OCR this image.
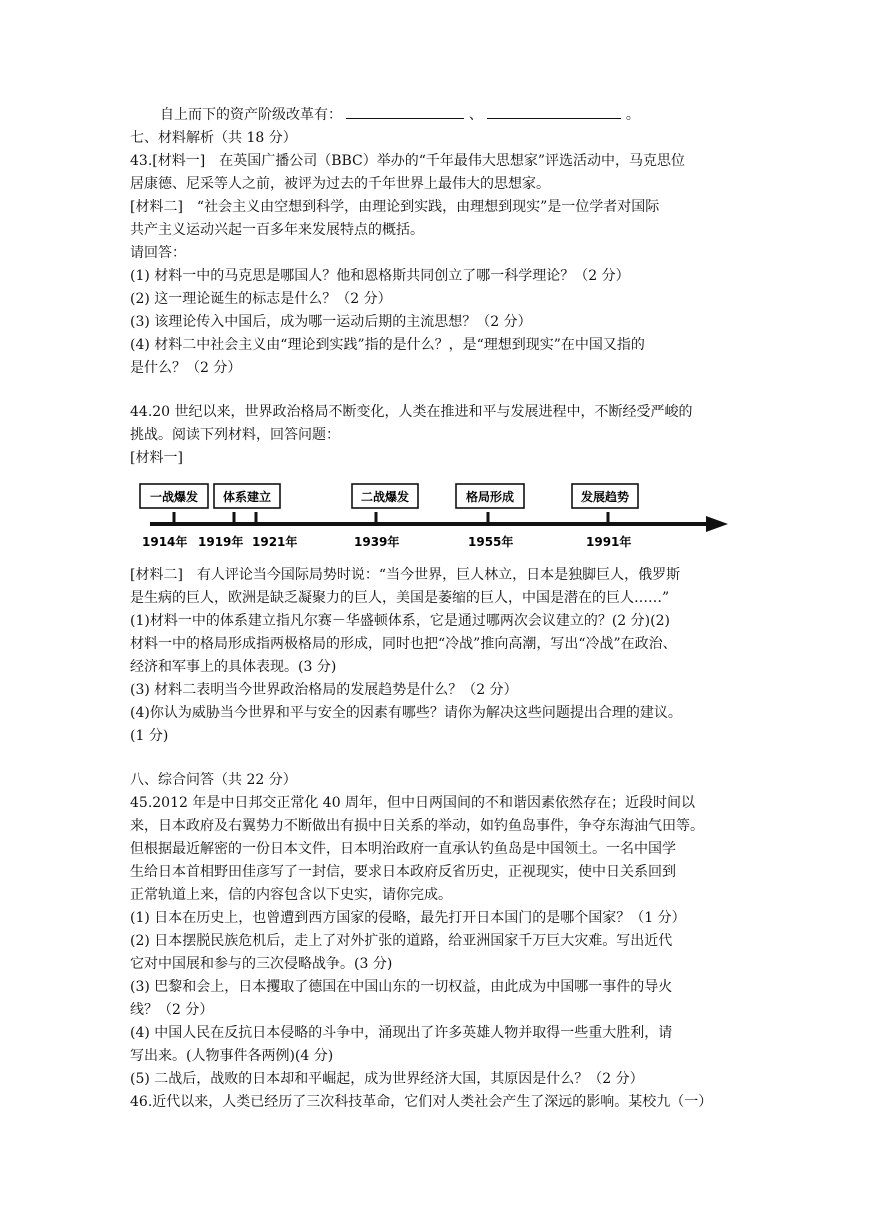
自上而下的资产阶级改革有：	、	。
七、材料解析（共 18 分）
43.[材料一]　在英国广播公司（BBC）举办的“千年最伟大思想家”评选活动中，马克思位
居康德、尼采等人之前，被评为过去的千年世界上最伟大的思想家。
[材料二]　“社会主义由空想到科学，由理论到实践，由理想到现实”是一位学者对国际
共产主义运动兴起一百多年来发展特点的概括。
请回答：
(1) 材料一中的马克思是哪国人？他和恩格斯共同创立了哪一科学理论？（2 分）
(2) 这一理论诞生的标志是什么？（2 分）
(3) 该理论传入中国后，成为哪一运动后期的主流思想？（2 分）
(4) 材料二中社会主义由“理论到实践”指的是什么？，是“理想到现实”在中国又指的
是什么？（2 分）
44.20 世纪以来，世界政治格局不断变化，人类在推进和平与发展进程中，不断经受严峻的
挑战。阅读下列材料，回答问题：
[材料一]
一战爆发 体系建立	二战爆发	格局形成	发展趋势
1914年 1919年 1921年	1939年	1955年	1991年
[材料二]　有人评论当今国际局势时说：“当今世界，巨人林立，日本是独脚巨人，俄罗斯
是生病的巨人，欧洲是缺乏凝聚力的巨人，美国是萎缩的巨人，中国是潜在的巨人……”
(1)材料一中的体系建立指凡尔赛－华盛顿体系，它是通过哪两次会议建立的？(2 分)(2)
材料一中的格局形成指两极格局的形成，同时也把“冷战”推向高潮，写出“冷战”在政治、
经济和军事上的具体表现。(3 分)
(3) 材料二表明当今世界政治格局的发展趋势是什么？（2 分）
(4)你认为威胁当今世界和平与安全的因素有哪些？请你为解决这些问题提出合理的建议。
(1 分)
八、综合问答（共 22 分）
45.2012 年是中日邦交正常化 40 周年，但中日两国间的不和谐因素依然存在；近段时间以
来，日本政府及右翼势力不断做出有损中日关系的举动，如钓鱼岛事件，争夺东海油气田等。
但根据最近解密的一份日本文件，日本明治政府一直承认钓鱼岛是中国领土。一名中国学
生给日本首相野田佳彦写了一封信，要求日本政府反省历史，正视现实，使中日关系回到
正常轨道上来，信的内容包含以下史实，请你完成。
(1) 日本在历史上，也曾遭到西方国家的侵略，最先打开日本国门的是哪个国家？（1 分）
(2) 日本摆脱民族危机后，走上了对外扩张的道路，给亚洲国家千万巨大灾难。写出近代
它对中国展和参与的三次侵略战争。(3 分)
(3) 巴黎和会上，日本攫取了德国在中国山东的一切权益，由此成为中国哪一事件的导火
线？（2 分）
(4) 中国人民在反抗日本侵略的斗争中，涌现出了许多英雄人物并取得一些重大胜利，请
写出来。(人物事件各两例)(4 分)
(5) 二战后，战败的日本却和平崛起，成为世界经济大国，其原因是什么？（2 分）
46.近代以来，人类已经历了三次科技革命，它们对人类社会产生了深远的影响。某校九（一）
